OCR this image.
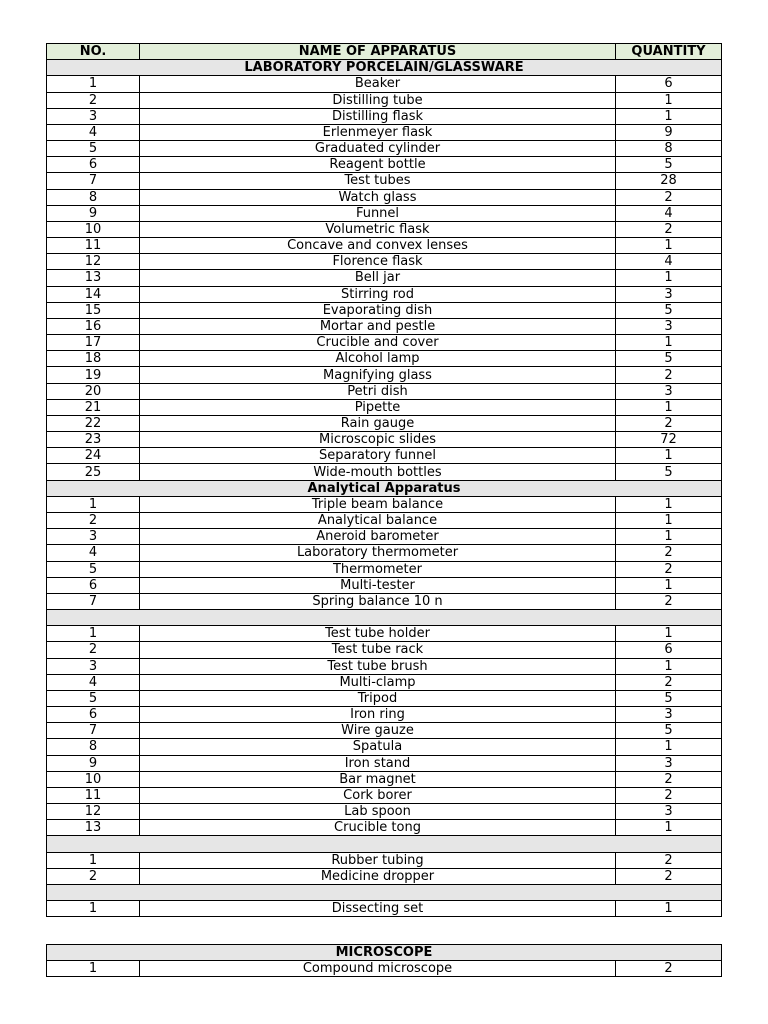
NO.	NAME OF APPARATUS	QUANTITY
LABORATORY PORCELAIN/GLASSWARE		
1	Beaker	6
2	Distilling tube	1
3	Distilling flask	1
4	Erlenmeyer flask	9
5	Graduated cylinder	8
6	Reagent bottle	5
7	Test tubes	28
8	Watch glass	2
9	Funnel	4
10	Volumetric flask	2
11	Concave and convex lenses	1
12	Florence flask	4
13	Bell jar	1
14	Stirring rod	3
15	Evaporating dish	5
16	Mortar and pestle	3
17	Crucible and cover	1
18	Alcohol lamp	5
19	Magnifying glass	2
20	Petri dish	3
21	Pipette	1
22	Rain gauge	2
23	Microscopic slides	72
24	Separatory funnel	1
25	Wide-mouth bottles	5
Analytical Apparatus		
1	Triple beam balance	1
2	Analytical balance	1
3	Aneroid barometer	1
4	Laboratory thermometer	2
5	Thermometer	2
6	Multi-tester	1
7	Spring balance 10 n	2

1	Test tube holder	1
2	Test tube rack	6
3	Test tube brush	1
4	Multi-clamp	2
5	Tripod	5
6	Iron ring	3
7	Wire gauze	5
8	Spatula	1
9	Iron stand	3
10	Bar magnet	2
11	Cork borer	2
12	Lab spoon	3
13	Crucible tong	1

1	Rubber tubing	2
2	Medicine dropper	2

1	Dissecting set	1
MICROSCOPE
1	Compound microscope	2
